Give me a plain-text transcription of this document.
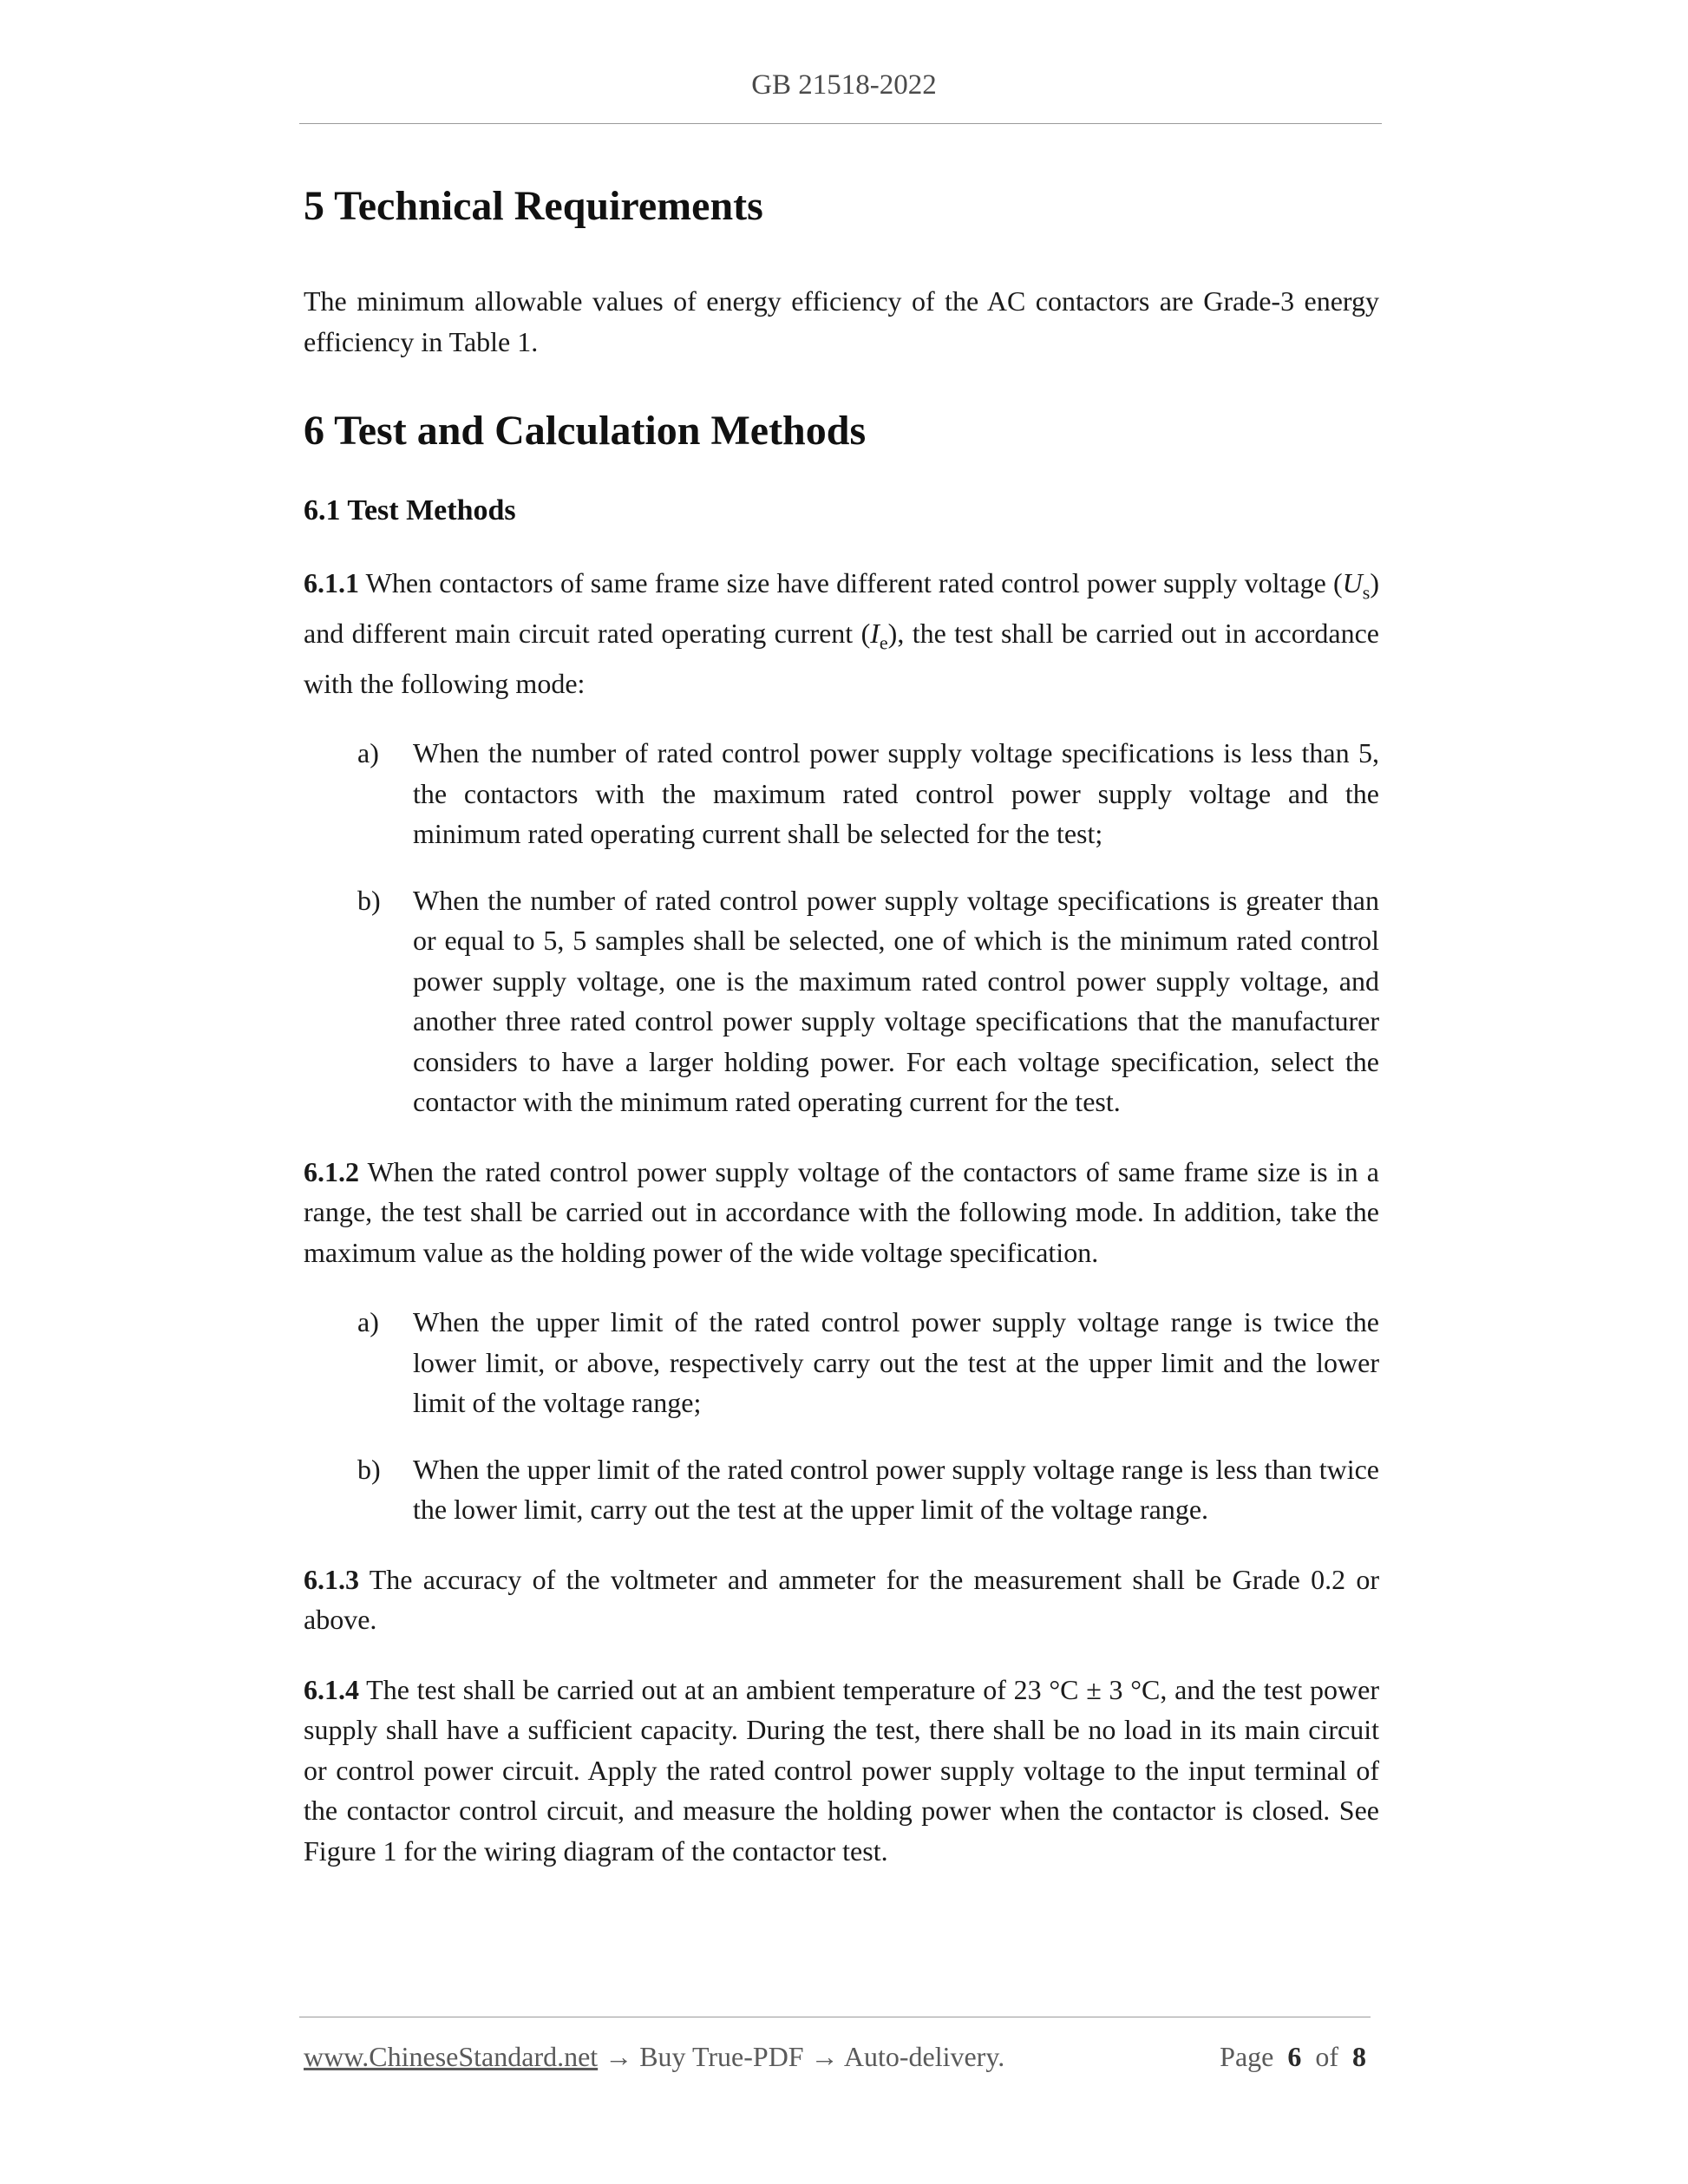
GB 21518-2022
5 Technical Requirements

The minimum allowable values of energy efficiency of the AC contactors are Grade-3 energy efficiency in Table 1.

6 Test and Calculation Methods
6.1 Test Methods

6.1.1 When contactors of same frame size have different rated control power supply voltage $(U_s)$ and different main circuit rated operating current $(I_e)$, the test shall be carried out in accordance with the following mode:

a) When the number of rated control power supply voltage specifications is less than 5, the contactors with the maximum rated control power supply voltage and the minimum rated operating current shall be selected for the test;
b) When the number of rated control power supply voltage specifications is greater than or equal to 5, 5 samples shall be selected, one of which is the minimum rated control power supply voltage, one is the maximum rated control power supply voltage, and another three rated control power supply voltage specifications that the manufacturer considers to have a larger holding power. For each voltage specification, select the contactor with the minimum rated operating current for the test.

6.1.2 When the rated control power supply voltage of the contactors of same frame size is in a range, the test shall be carried out in accordance with the following mode. In addition, take the maximum value as the holding power of the wide voltage specification.

a) When the upper limit of the rated control power supply voltage range is twice the lower limit, or above, respectively carry out the test at the upper limit and the lower limit of the voltage range;
b) When the upper limit of the rated control power supply voltage range is less than twice the lower limit, carry out the test at the upper limit of the voltage range.

6.1.3 The accuracy of the voltmeter and ammeter for the measurement shall be Grade 0.2 or above.

6.1.4 The test shall be carried out at an ambient temperature of 23 °C ± 3 °C, and the test power supply shall have a sufficient capacity. During the test, there shall be no load in its main circuit or control power circuit. Apply the rated control power supply voltage to the input terminal of the contactor control circuit, and measure the holding power when the contactor is closed. See Figure 1 for the wiring diagram of the contactor test.

www.ChineseStandard.net → Buy True-PDF → Auto-delivery.	Page 6 of 8
